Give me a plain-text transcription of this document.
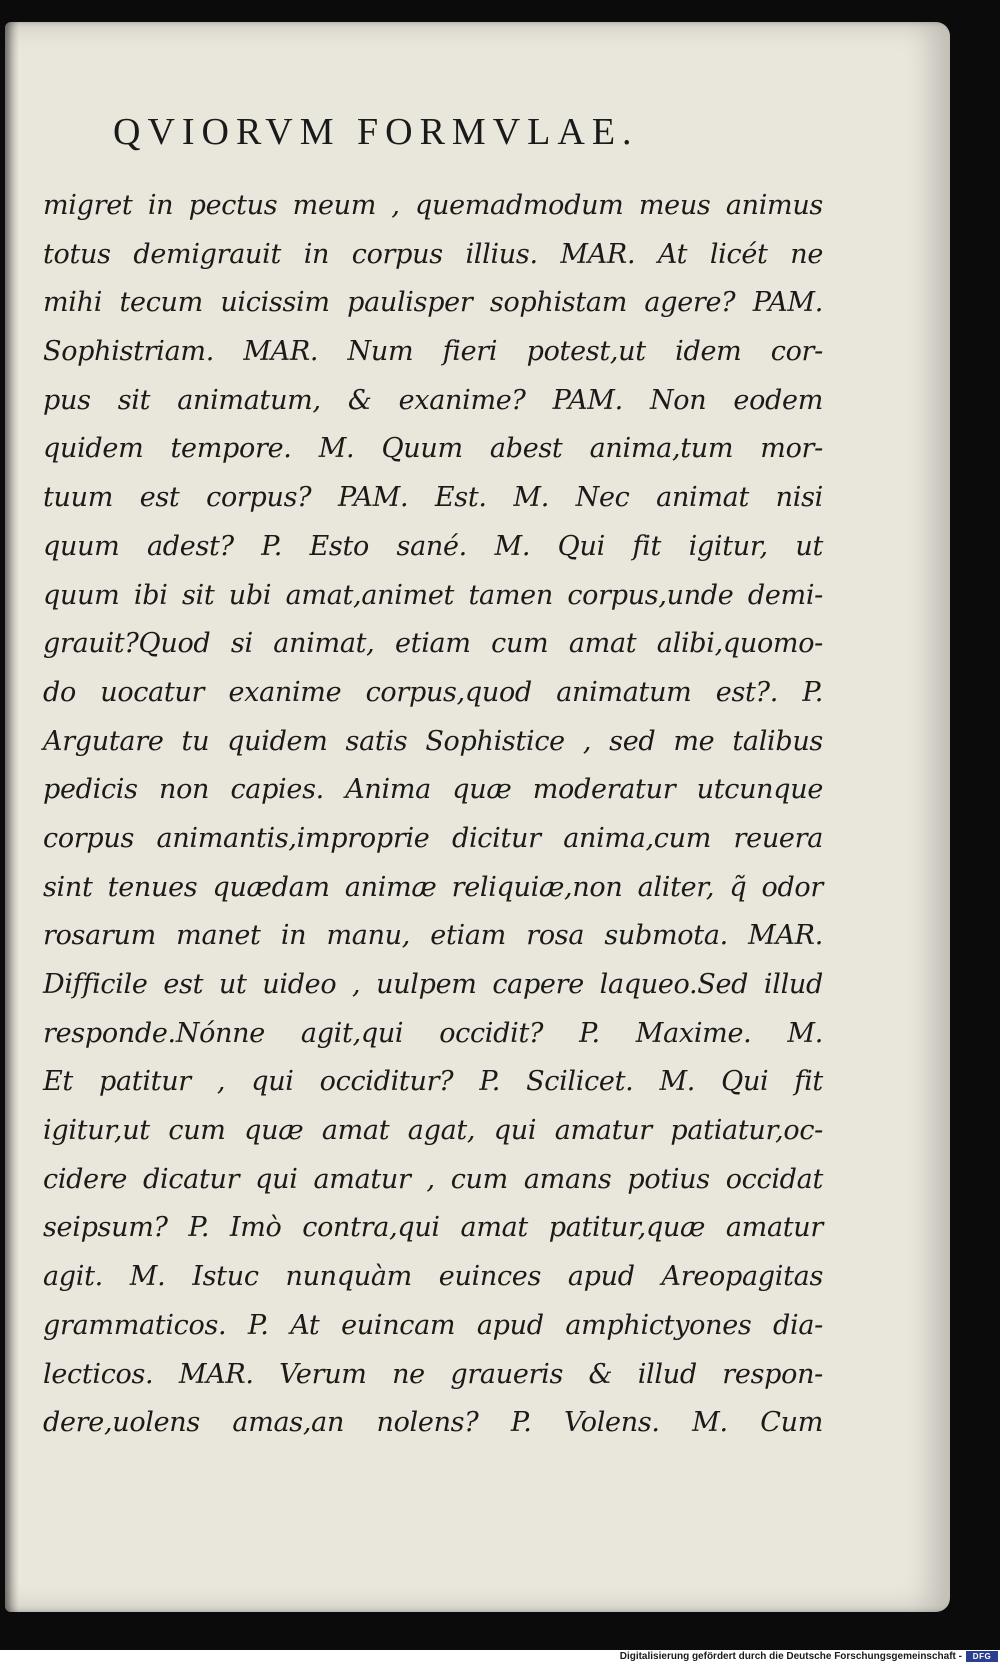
QVIORVM FORMVLAE.
migret in pectus meum , quemadmodum meus animus
totus demigrauit in corpus illius. MAR. At licét ne
mihi tecum uicissim paulisper sophistam agere? PAM.
Sophistriam. MAR. Num fieri potest,ut idem cor-
pus sit animatum, & exanime? PAM. Non eodem
quidem tempore. M. Quum abest anima,tum mor-
tuum est corpus? PAM. Est. M. Nec animat nisi
quum adest? P. Esto sané. M. Qui fit igitur, ut
quum ibi sit ubi amat,animet tamen corpus,unde demi-
grauit?Quod si animat, etiam cum amat alibi,quomo-
do uocatur exanime corpus,quod animatum est?. P.
Argutare tu quidem satis Sophistice , sed me talibus
pedicis non capies. Anima quæ moderatur utcunque
corpus animantis,improprie dicitur anima,cum reuera
sint tenues quædam animæ reliquiæ,non aliter, q̃ odor
rosarum manet in manu, etiam rosa submota. MAR.
Difficile est ut uideo , uulpem capere laqueo.Sed illud
responde.Nónne agit,qui occidit? P. Maxime. M.
Et patitur , qui occiditur? P. Scilicet. M. Qui fit
igitur,ut cum quæ amat agat, qui amatur patiatur,oc-
cidere dicatur qui amatur , cum amans potius occidat
seipsum? P. Imò contra,qui amat patitur,quæ amatur
agit. M. Istuc nunquàm euinces apud Areopagitas
grammaticos. P. At euincam apud amphictyones dia-
lecticos. MAR. Verum ne graueris & illud respon-
dere,uolens amas,an nolens? P. Volens. M. Cum
Digitalisierung gefördert durch die Deutsche Forschungsgemeinschaft -	DFG
